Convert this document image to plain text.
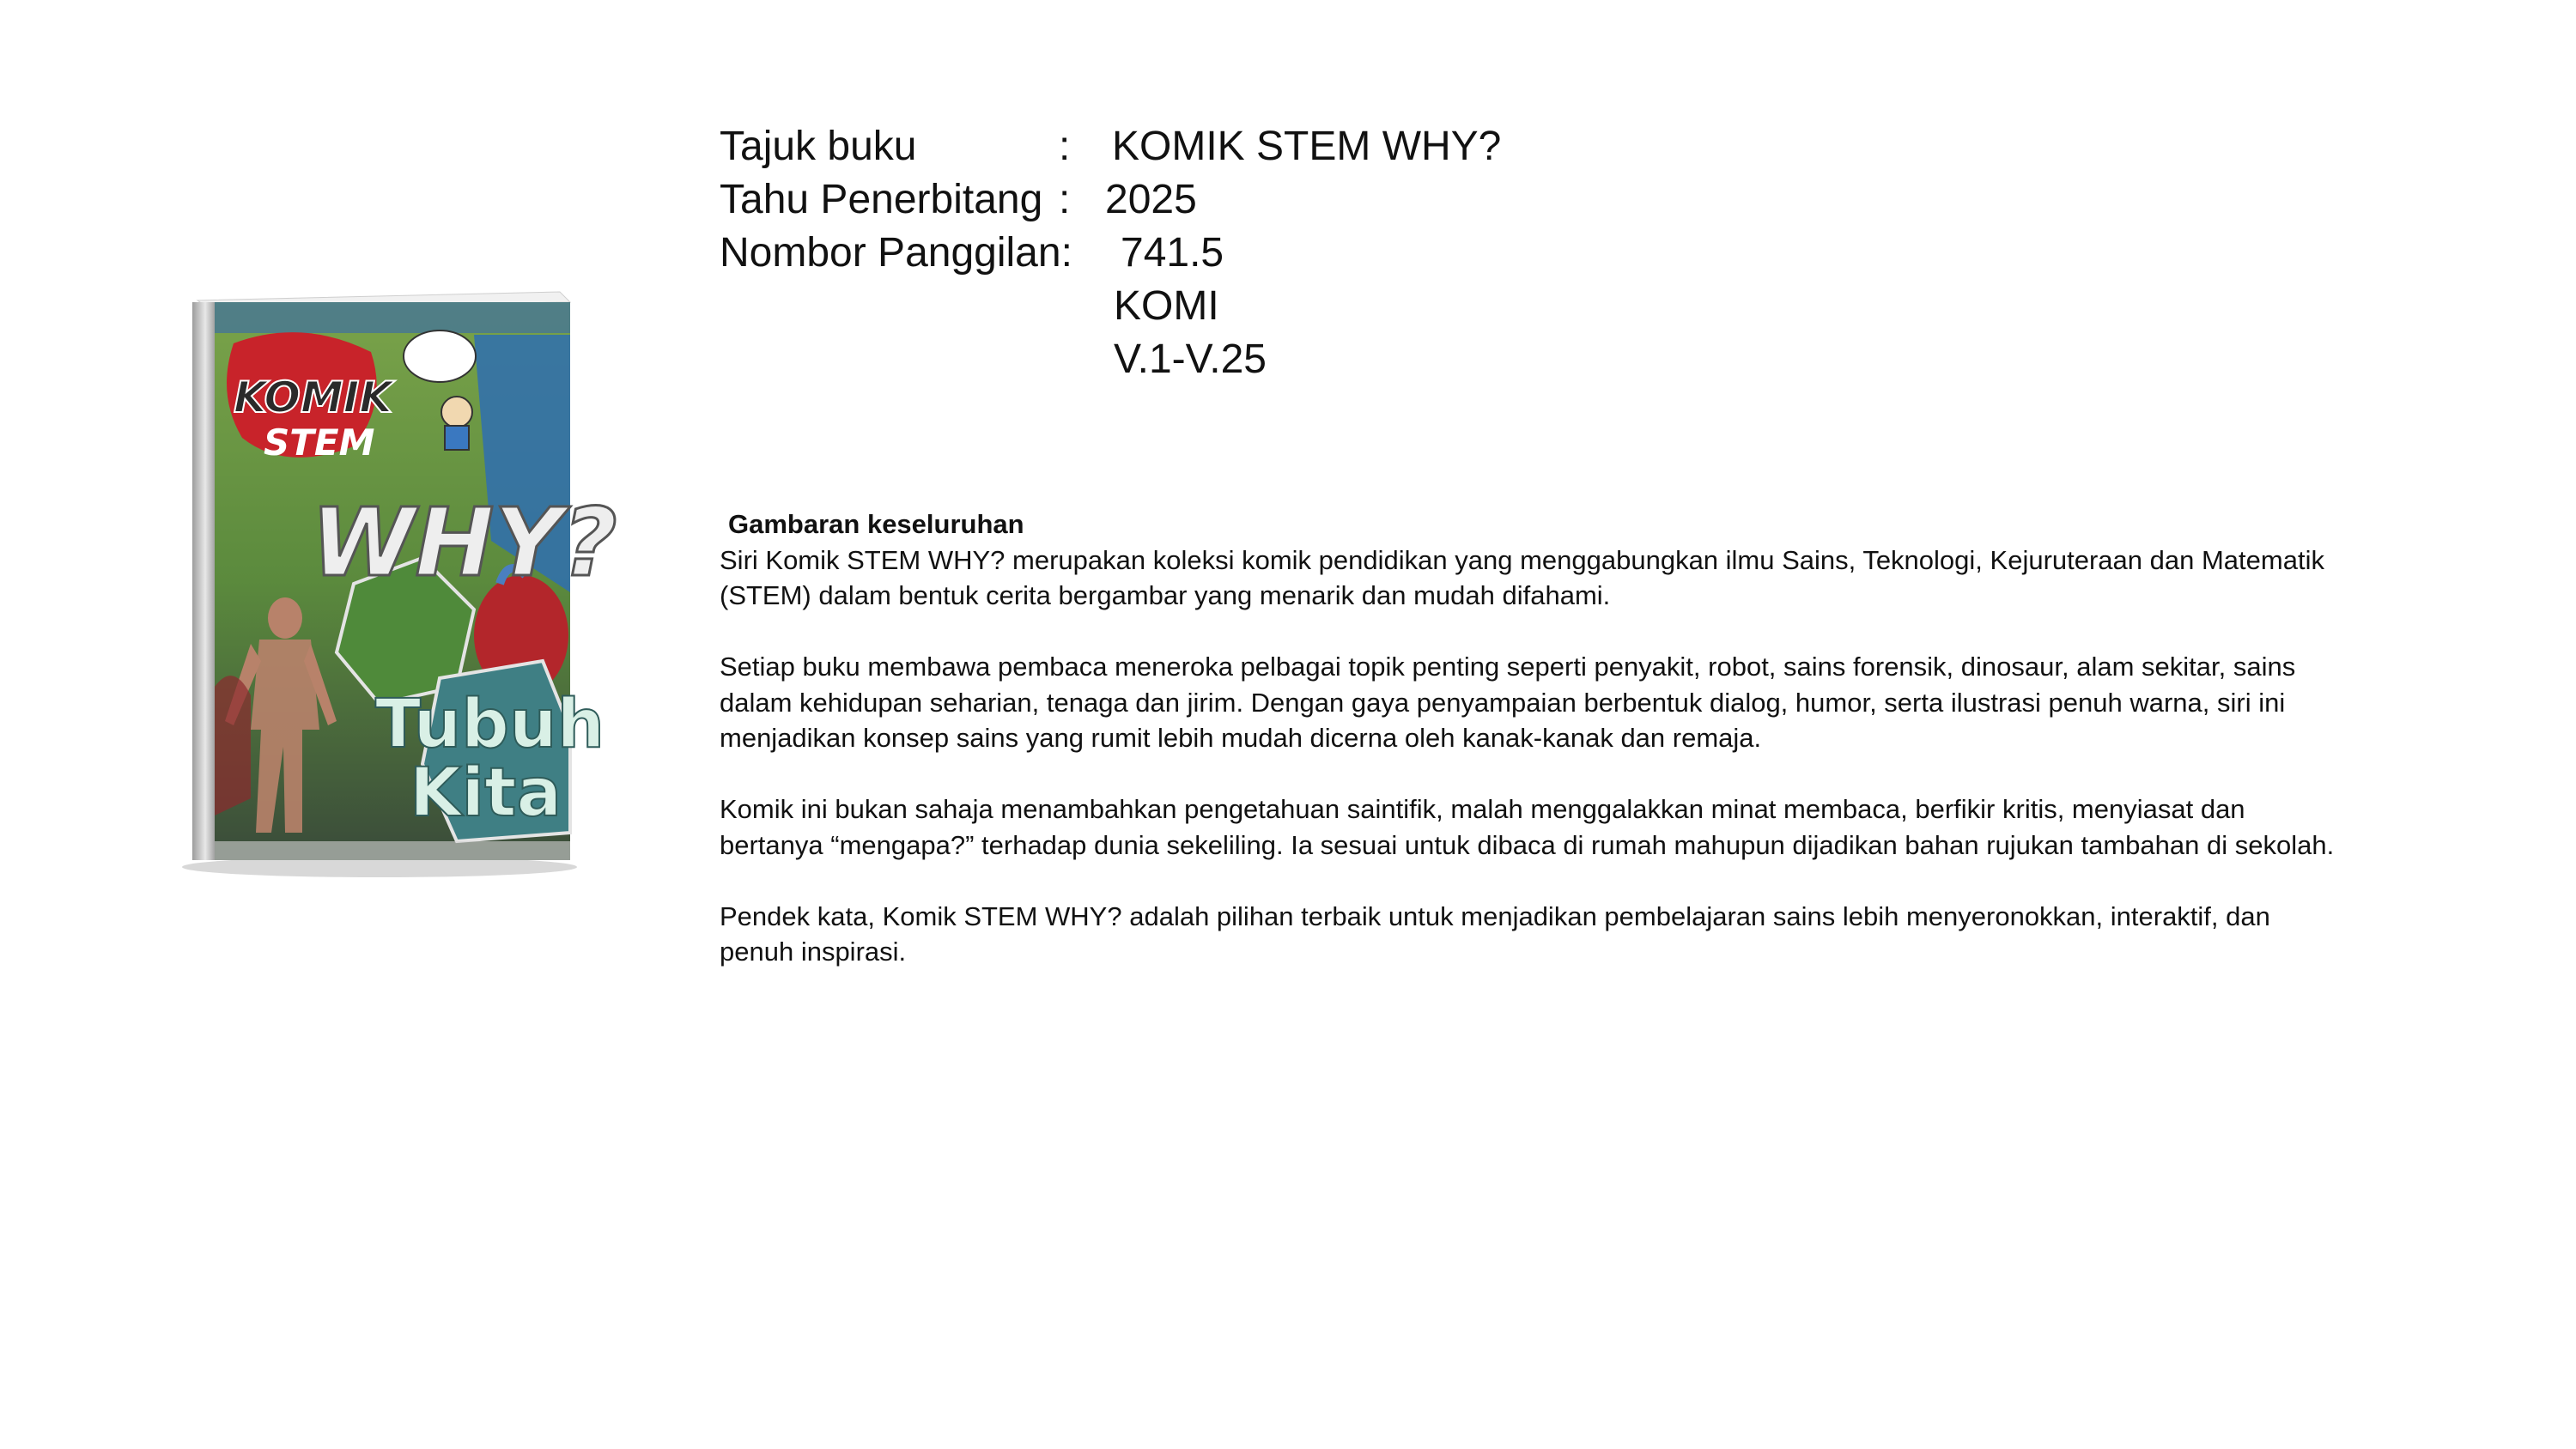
KOMIK
STEM
WHY?
Tubuh
Kita
Tajuk buku	:	KOMIK STEM WHY?
Tahu Penerbitang : 2025
Nombor Panggilan:	741.5
KOMI
V.1-V.25
Gambaran keseluruhan

Siri Komik STEM WHY? merupakan koleksi komik pendidikan yang menggabungkan ilmu Sains, Teknologi, Kejuruteraan dan Matematik (STEM) dalam bentuk cerita bergambar yang menarik dan mudah difahami.

Setiap buku membawa pembaca meneroka pelbagai topik penting seperti penyakit, robot, sains forensik, dinosaur, alam sekitar, sains dalam kehidupan seharian, tenaga dan jirim. Dengan gaya penyampaian berbentuk dialog, humor, serta ilustrasi penuh warna, siri ini menjadikan konsep sains yang rumit lebih mudah dicerna oleh kanak-kanak dan remaja.

Komik ini bukan sahaja menambahkan pengetahuan saintifik, malah menggalakkan minat membaca, berfikir kritis, menyiasat dan bertanya “mengapa?” terhadap dunia sekeliling. Ia sesuai untuk dibaca di rumah mahupun dijadikan bahan rujukan tambahan di sekolah.

Pendek kata, Komik STEM WHY? adalah pilihan terbaik untuk menjadikan pembelajaran sains lebih menyeronokkan, interaktif, dan penuh inspirasi.
